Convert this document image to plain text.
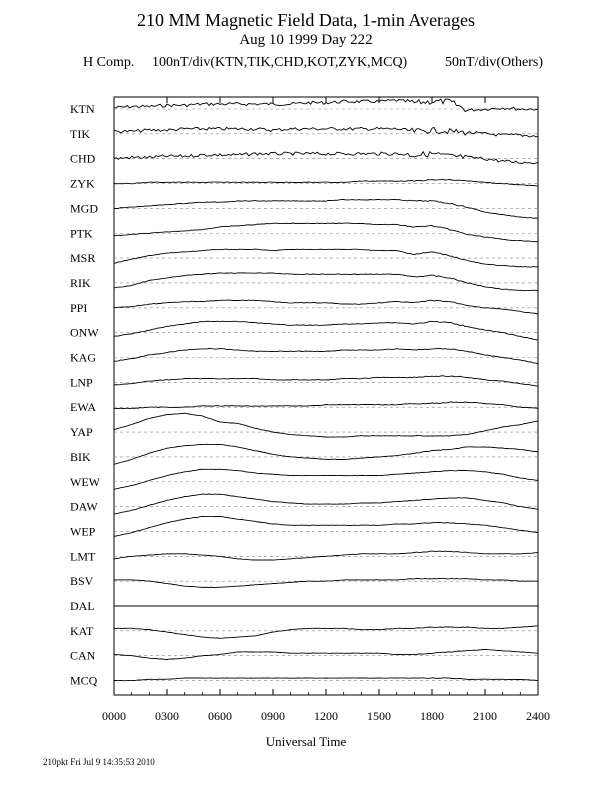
210 MM Magnetic Field Data, 1-min Averages
Aug 10 1999 Day 222
H Comp. 100nT/div(KTN,TIK,CHD,KOT,ZYK,MCQ)	50nT/div(Others)
KTN
TIK
CHD
ZYK
MGD
PTK
MSR
RIK
PPI
ONW
KAG
LNP
EWA
YAP
BIK
WEW
DAW
WEP
LMT
BSV
DAL
KAT
CAN
MCQ
0000 0300 0600 0900 1200 1500 1800 2100 2400
Universal Time
210pkt Fri Jul 9 14:35:53 2010
